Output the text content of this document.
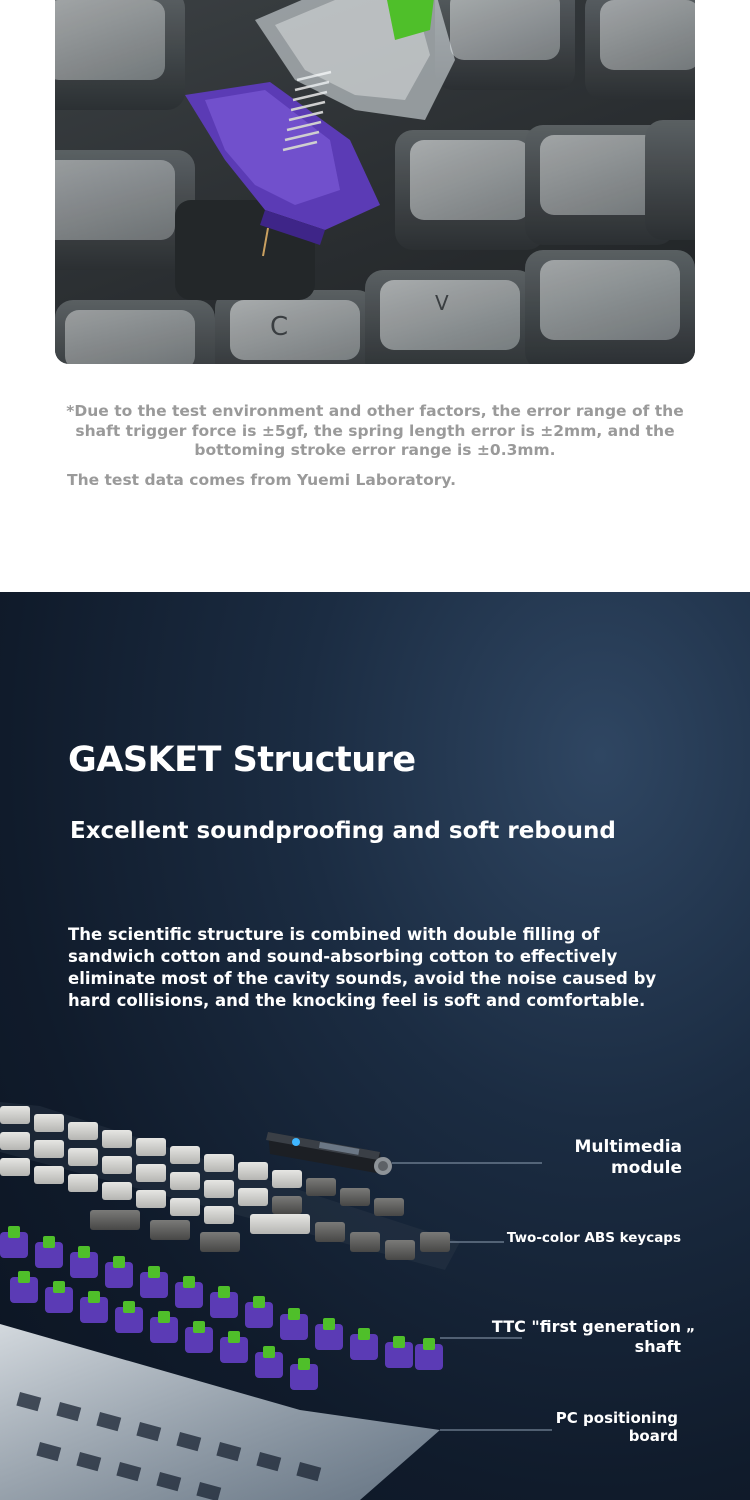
C
V

*Due to the test environment and other factors, the error range of the shaft trigger force is ±5gf, the spring length error is ±2mm, and the bottoming stroke error range is ±0.3mm.

The test data comes from Yuemi Laboratory.

GASKET Structure
Excellent soundproofing and soft rebound

The scientific structure is combined with double filling of sandwich cotton and sound-absorbing cotton to effectively eliminate most of the cavity sounds, avoid the noise caused by hard collisions, and the knocking feel is soft and comfortable.

Multimedia module
Two-color ABS keycaps
TTC "first generation shaft
„
PC positioning board
